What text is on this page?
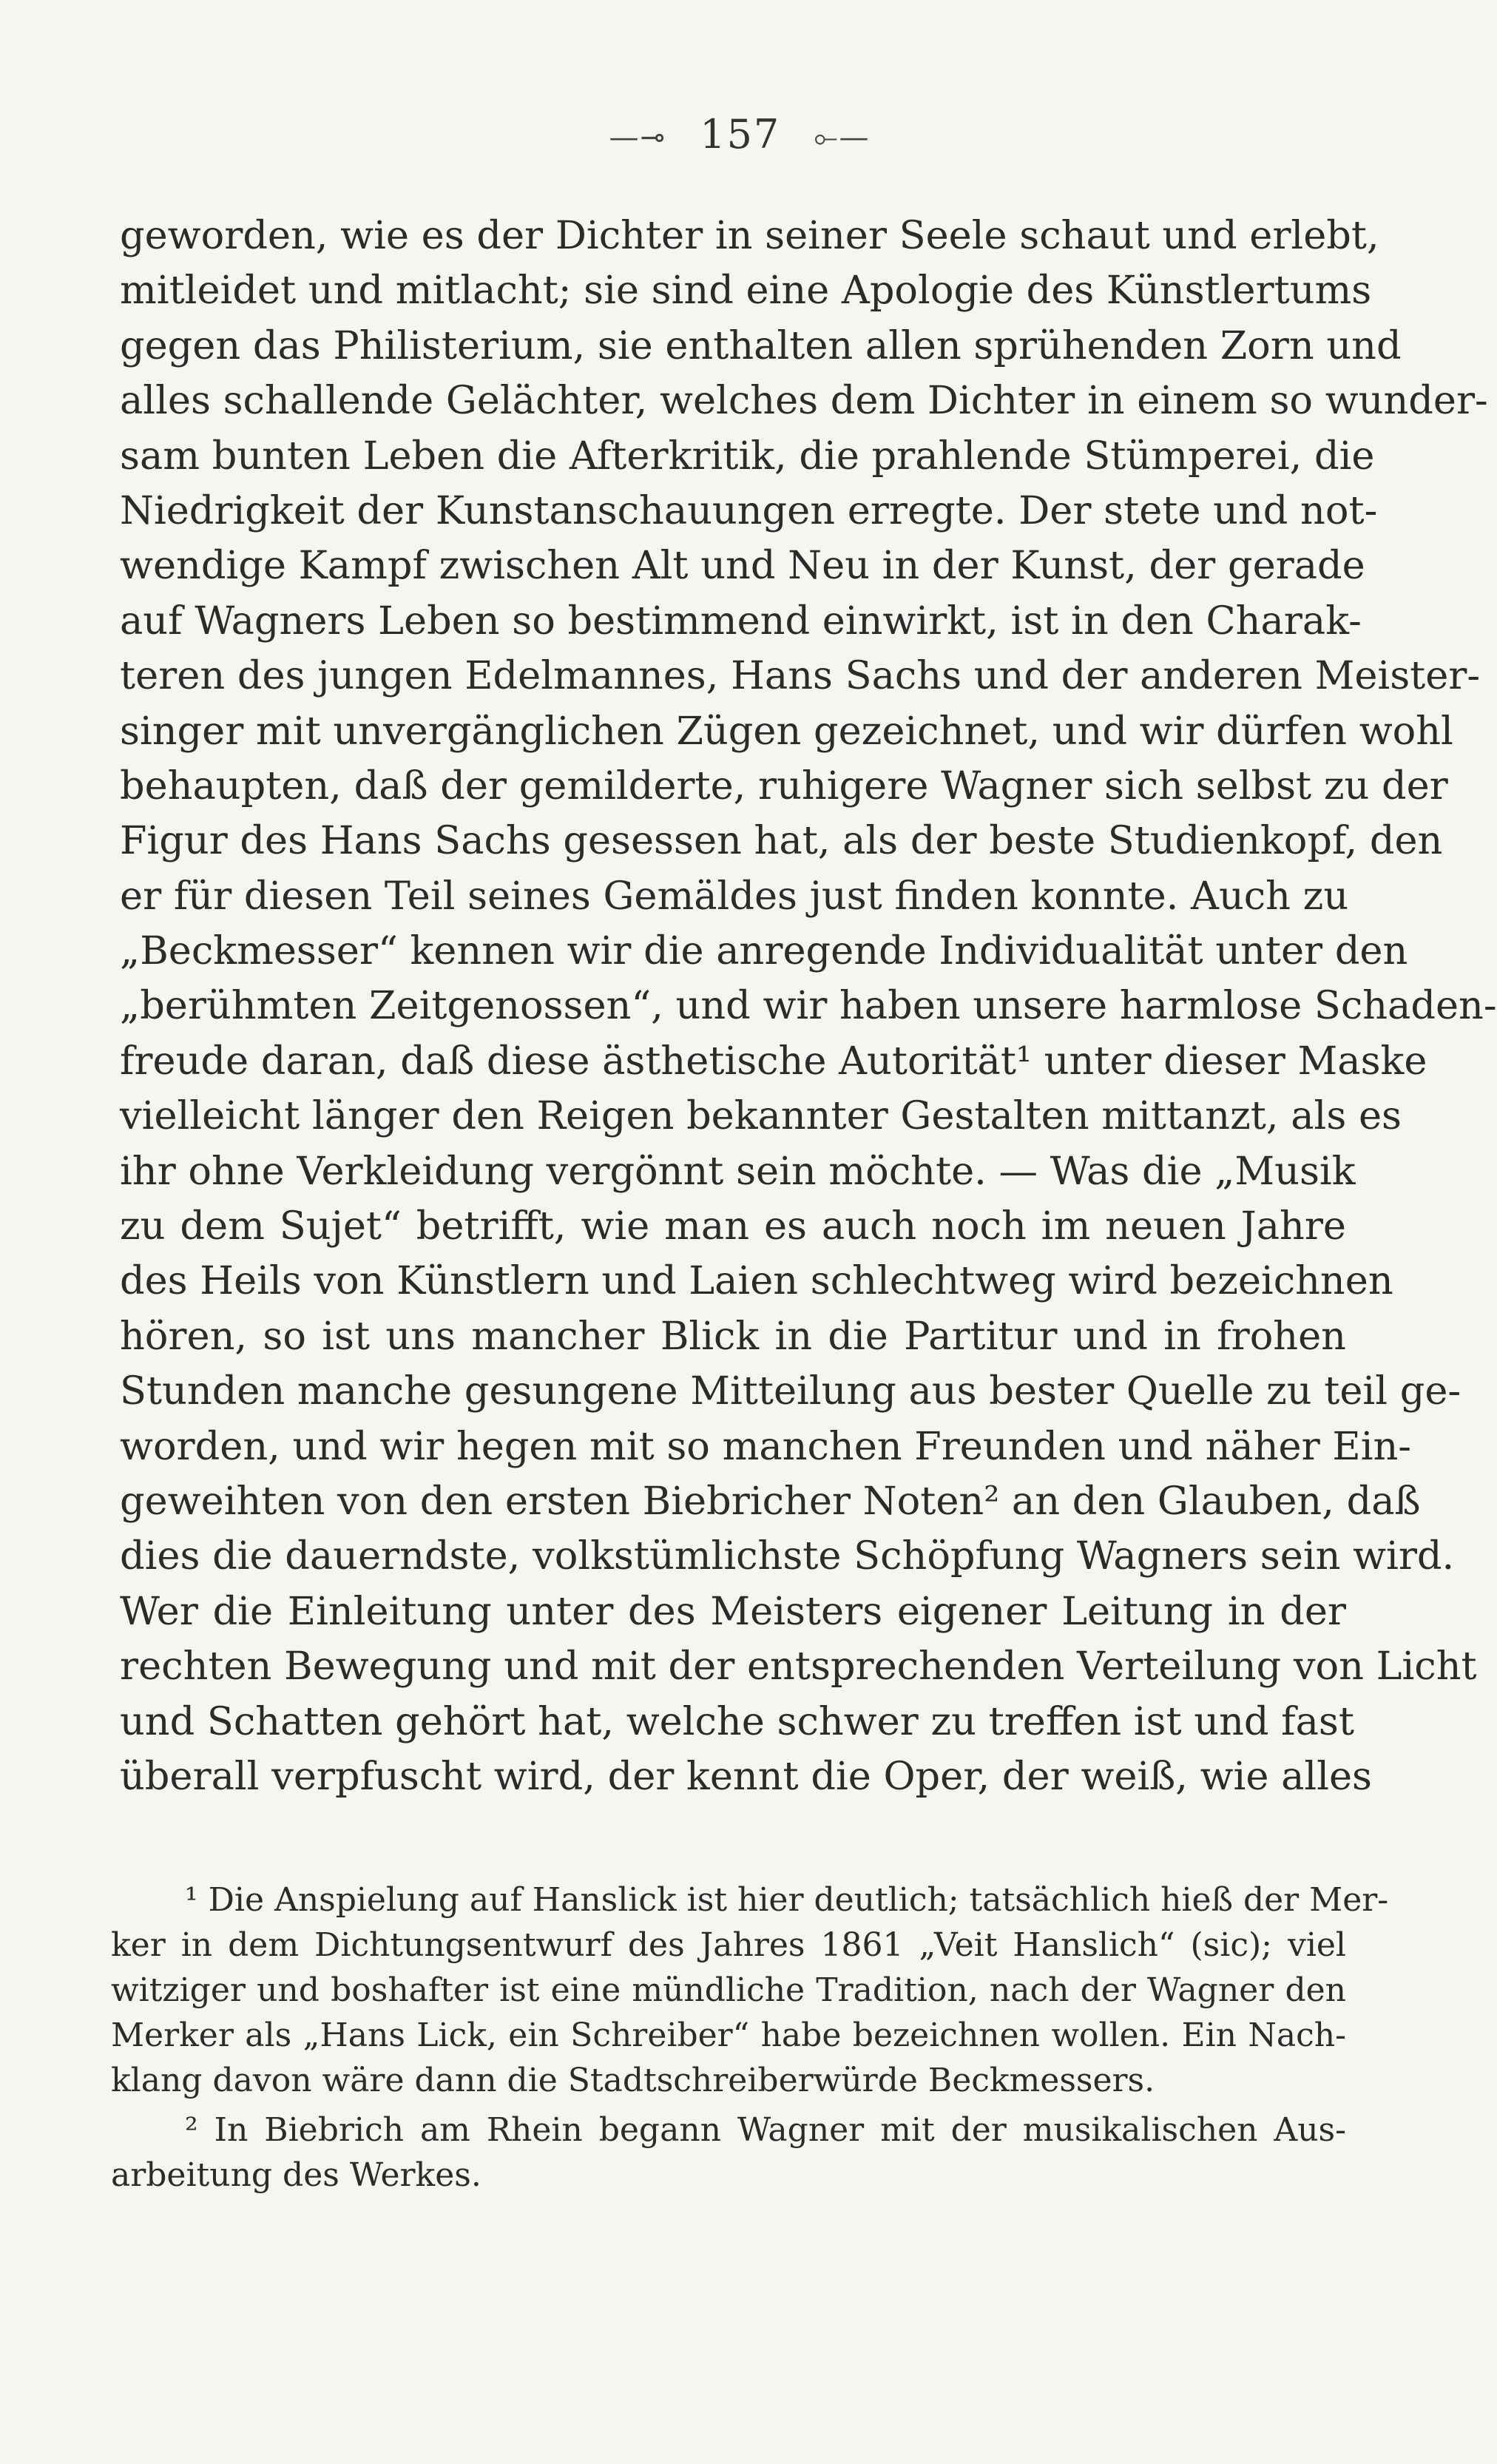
—⊸ 157 ⟜—
geworden, wie es der Dichter in seiner Seele schaut und erlebt,
mitleidet und mitlacht; sie sind eine Apologie des Künstlertums
gegen das Philisterium, sie enthalten allen sprühenden Zorn und
alles schallende Gelächter, welches dem Dichter in einem so wunder-
sam bunten Leben die Afterkritik, die prahlende Stümperei, die
Niedrigkeit der Kunstanschauungen erregte. Der stete und not-
wendige Kampf zwischen Alt und Neu in der Kunst, der gerade
auf Wagners Leben so bestimmend einwirkt, ist in den Charak-
teren des jungen Edelmannes, Hans Sachs und der anderen Meister-
singer mit unvergänglichen Zügen gezeichnet, und wir dürfen wohl
behaupten, daß der gemilderte, ruhigere Wagner sich selbst zu der
Figur des Hans Sachs gesessen hat, als der beste Studienkopf, den
er für diesen Teil seines Gemäldes just finden konnte. Auch zu
„Beckmesser“ kennen wir die anregende Individualität unter den
„berühmten Zeitgenossen“, und wir haben unsere harmlose Schaden-
freude daran, daß diese ästhetische Autorität¹ unter dieser Maske
vielleicht länger den Reigen bekannter Gestalten mittanzt, als es
ihr ohne Verkleidung vergönnt sein möchte. — Was die „Musik
zu dem Sujet“ betrifft, wie man es auch noch im neuen Jahre
des Heils von Künstlern und Laien schlechtweg wird bezeichnen
hören, so ist uns mancher Blick in die Partitur und in frohen
Stunden manche gesungene Mitteilung aus bester Quelle zu teil ge-
worden, und wir hegen mit so manchen Freunden und näher Ein-
geweihten von den ersten Biebricher Noten² an den Glauben, daß
dies die dauerndste, volkstümlichste Schöpfung Wagners sein wird.
Wer die Einleitung unter des Meisters eigener Leitung in der
rechten Bewegung und mit der entsprechenden Verteilung von Licht
und Schatten gehört hat, welche schwer zu treffen ist und fast
überall verpfuscht wird, der kennt die Oper, der weiß, wie alles
¹ Die Anspielung auf Hanslick ist hier deutlich; tatsächlich hieß der Mer-
ker in dem Dichtungsentwurf des Jahres 1861 „Veit Hanslich“ (sic); viel
witziger und boshafter ist eine mündliche Tradition, nach der Wagner den
Merker als „Hans Lick, ein Schreiber“ habe bezeichnen wollen. Ein Nach-
klang davon wäre dann die Stadtschreiberwürde Beckmessers.
² In Biebrich am Rhein begann Wagner mit der musikalischen Aus-
arbeitung des Werkes.
